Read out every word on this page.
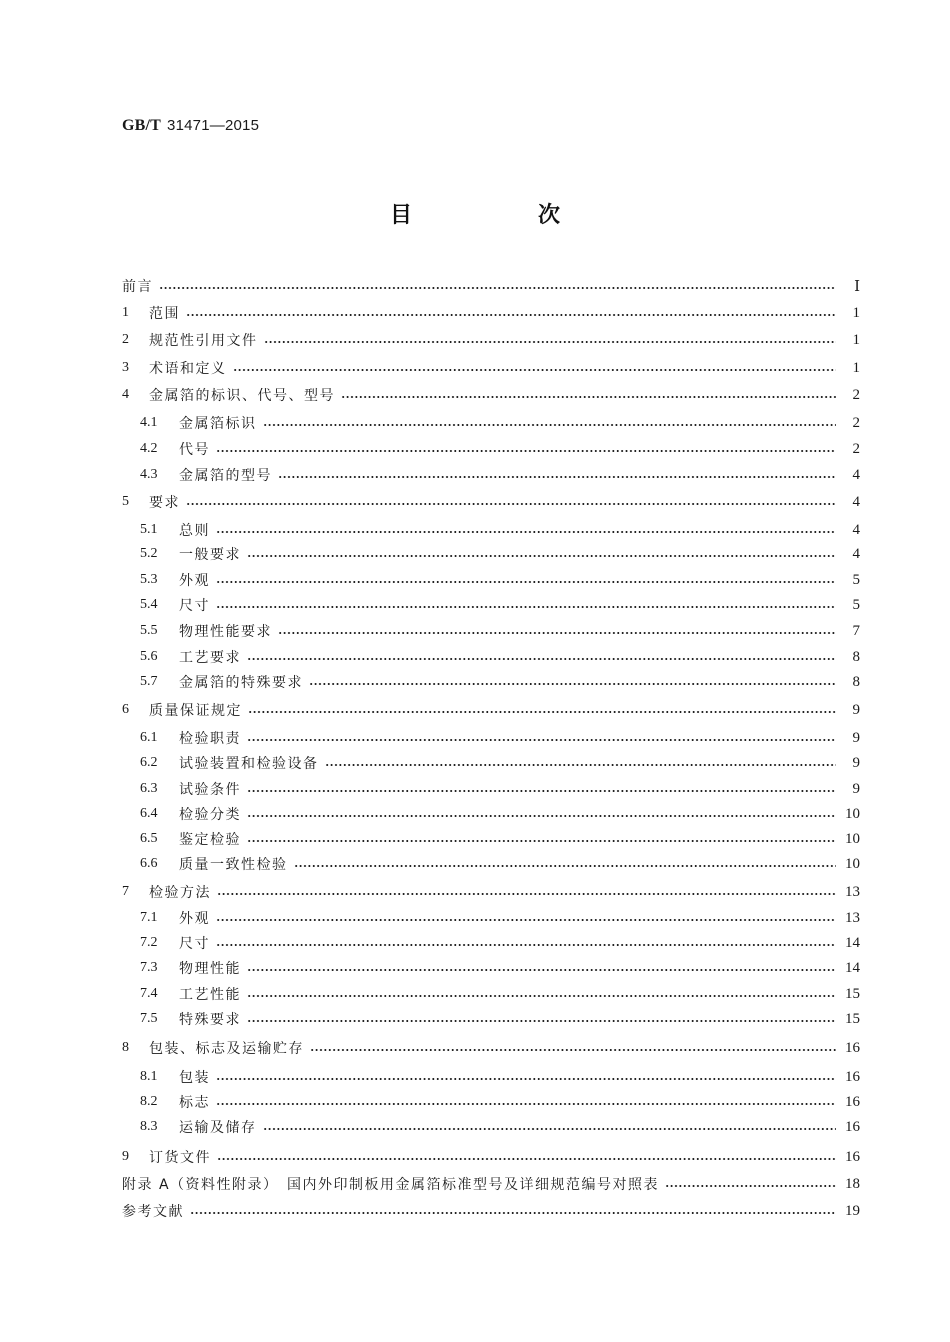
GB/T 31471—2015
目　次
前言	Ⅰ
1	范围	1
2	规范性引用文件	1
3	术语和定义	1
4	金属箔的标识、代号、型号	2
4.1	金属箔标识	2
4.2	代号	2
4.3	金属箔的型号	4
5	要求	4
5.1	总则	4
5.2	一般要求	4
5.3	外观	5
5.4	尺寸	5
5.5	物理性能要求	7
5.6	工艺要求	8
5.7	金属箔的特殊要求	8
6	质量保证规定	9
6.1	检验职责	9
6.2	试验装置和检验设备	9
6.3	试验条件	9
6.4	检验分类	10
6.5	鉴定检验	10
6.6	质量一致性检验	10
7	检验方法	13
7.1	外观	13
7.2	尺寸	14
7.3	物理性能	14
7.4	工艺性能	15
7.5	特殊要求	15
8	包装、标志及运输贮存	16
8.1	包装	16
8.2	标志	16
8.3	运输及储存	16
9	订货文件	16
附录 A（资料性附录）　国内外印制板用金属箔标准型号及详细规范编号对照表	18
参考文献	19
